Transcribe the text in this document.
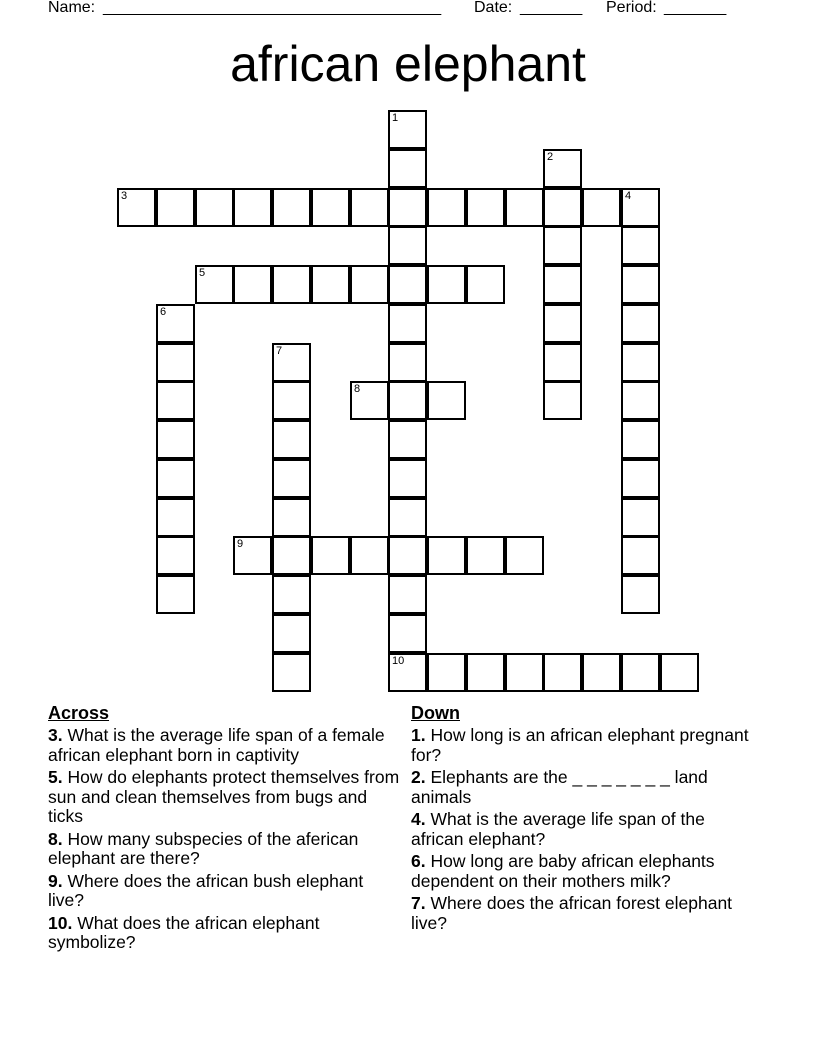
Name:

______________________________________

Date:

_______

Period:

_______

african elephant
1
10
2
3	4
5
6
7
8
9
Across
3. What is the average life span of a female african elephant born in captivity
5. How do elephants protect themselves from sun and clean themselves from bugs and ticks
8. How many subspecies of the aferican elephant are there?
9. Where does the african bush elephant live?
10. What does the african elephant symbolize?
Down
1. How long is an african elephant pregnant for?
2. Elephants are the _ _ _ _ _ _ _ land animals
4. What is the average life span of the african elephant?
6. How long are baby african elephants dependent on their mothers milk?
7. Where does the african forest elephant live?
